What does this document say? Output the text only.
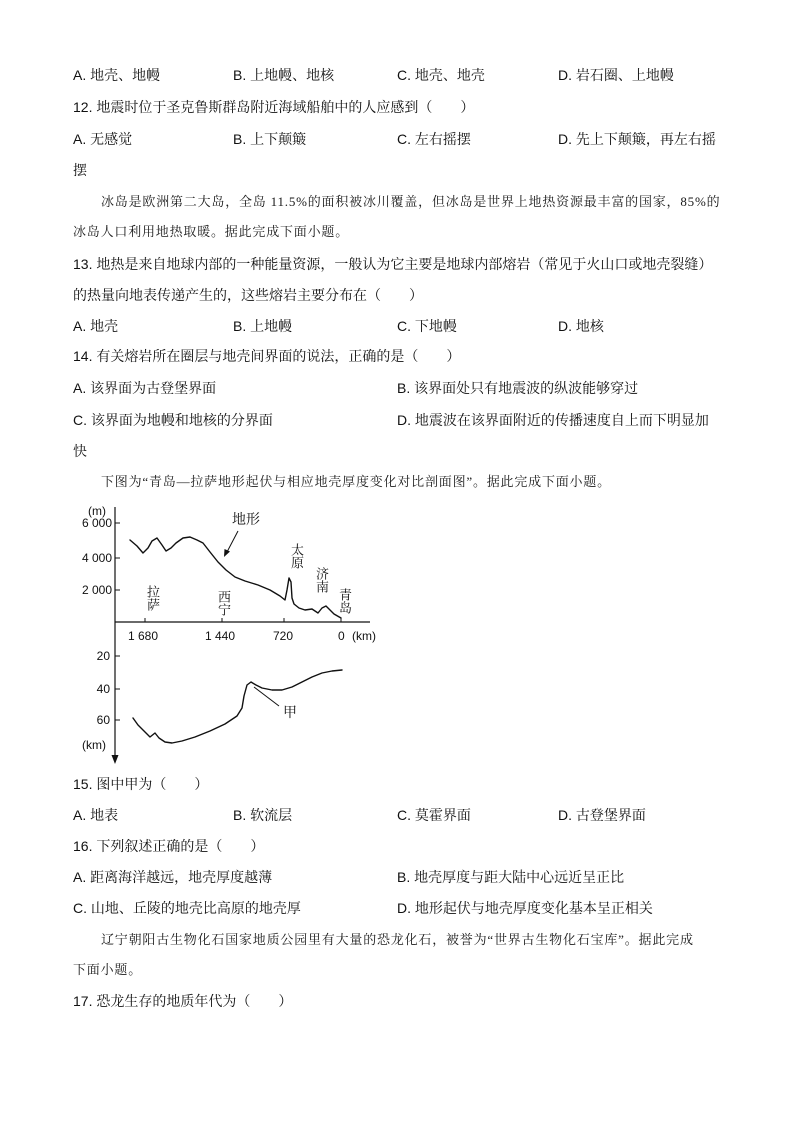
A. 地壳、地幔	B. 上地幔、地核	C. 地壳、地壳	D. 岩石圈、上地幔
12. 地震时位于圣克鲁斯群岛附近海域船舶中的人应感到（　　）
A. 无感觉	B. 上下颠簸	C. 左右摇摆	D. 先上下颠簸，再左右摇
摆
冰岛是欧洲第二大岛，全岛 11.5%的面积被冰川覆盖，但冰岛是世界上地热资源最丰富的国家，85%的
冰岛人口利用地热取暖。据此完成下面小题。
13. 地热是来自地球内部的一种能量资源，一般认为它主要是地球内部熔岩（常见于火山口或地壳裂缝）
的热量向地表传递产生的，这些熔岩主要分布在（　　）
A. 地壳	B. 上地幔	C. 下地幔	D. 地核
14. 有关熔岩所在圈层与地壳间界面的说法，正确的是（　　）
A. 该界面为古登堡界面	B. 该界面处只有地震波的纵波能够穿过
C. 该界面为地幔和地核的分界面	D. 地震波在该界面附近的传播速度自上而下明显加
快
下图为“青岛—拉萨地形起伏与相应地壳厚度变化对比剖面图”。据此完成下面小题。
(m)
6 000
4 000
2 000
1 680	1 440	720	0 (km)
20
40
60
(km)
地形
甲
拉萨	西宁
太原
济南
青岛
15. 图中甲为（　　）
A. 地表	B. 软流层	C. 莫霍界面	D. 古登堡界面
16. 下列叙述正确的是（　　）
A. 距离海洋越远，地壳厚度越薄	B. 地壳厚度与距大陆中心远近呈正比
C. 山地、丘陵的地壳比高原的地壳厚	D. 地形起伏与地壳厚度变化基本呈正相关
辽宁朝阳古生物化石国家地质公园里有大量的恐龙化石，被誉为“世界古生物化石宝库”。据此完成
下面小题。
17. 恐龙生存的地质年代为（　　）
